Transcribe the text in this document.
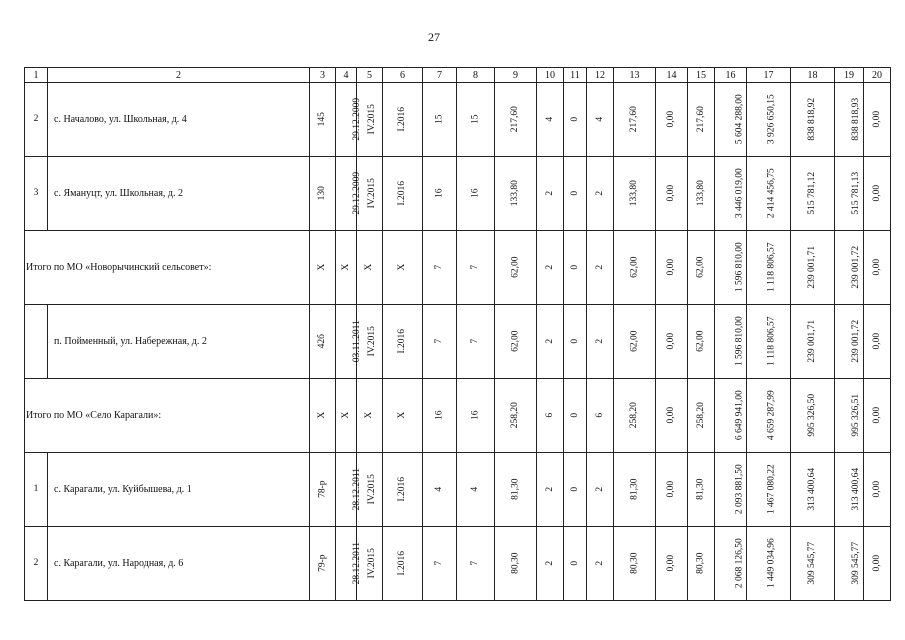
27
1	2	3	4	5	6	7	8	9	10	11	12	13	14	15	16	17	18	19	20
2	с. Началово, ул. Школьная, д. 4	145	29.12.2009	IV.2015	I.2016	15	15	217,60	4	0	4	217,60	0,00	217,60	5 604 288,00	3 926 650,15	838 818,92	838 818,93	0,00
3	с. Ямануцт, ул. Школьная, д. 2	130	29.12.2009	IV.2015	I.2016	16	16	133,80	2	0	2	133,80	0,00	133,80	3 446 019,00	2 414 456,75	515 781,12	515 781,13	0,00
Итого по МО «Новорычинский сельсовет»:		X	X	X	X	7	7	62,00	2	0	2	62,00	0,00	62,00	1 596 810,00	1 118 806,57	239 001,71	239 001,72	0,00
	п. Пойменный, ул. Набережная, д. 2	42б	03.11.2011	IV.2015	I.2016	7	7	62,00	2	0	2	62,00	0,00	62,00	1 596 810,00	1 118 806,57	239 001,71	239 001,72	0,00
Итого по МО «Село Карагали»:		X	X	X	X	16	16	258,20	6	0	6	258,20	0,00	258,20	6 649 941,00	4 659 287,99	995 326,50	995 326,51	0,00
1	с. Карагали, ул. Куйбышева, д. 1	78-р	28.12.2011	IV.2015	I.2016	4	4	81,30	2	0	2	81,30	0,00	81,30	2 093 881,50	1 467 080,22	313 400,64	313 400,64	0,00
2	с. Карагали, ул. Народная, д. 6	79-р	28.12.2011	IV.2015	I.2016	7	7	80,30	2	0	2	80,30	0,00	80,30	2 068 126,50	1 449 034,96	309 545,77	309 545,77	0,00
